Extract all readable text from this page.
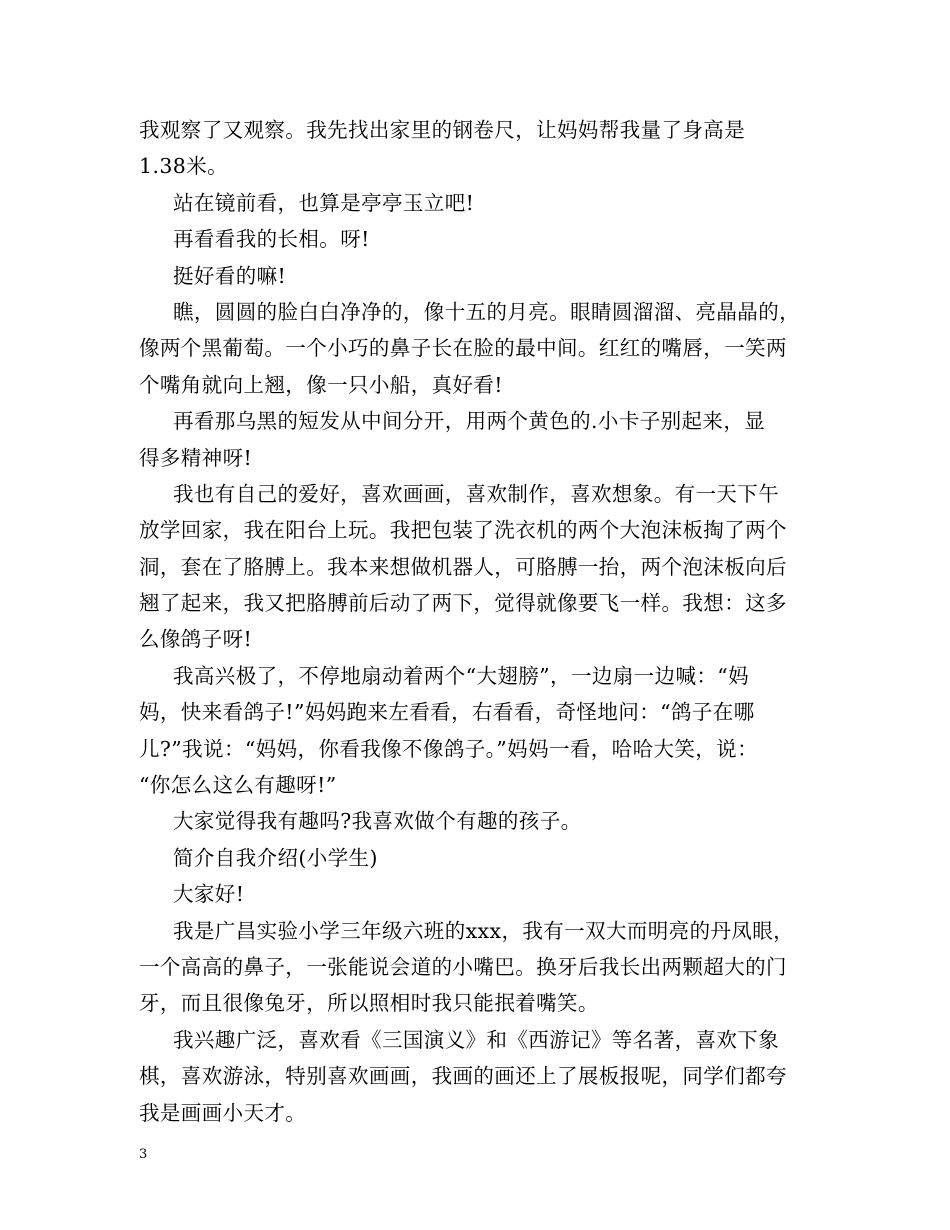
我观察了又观察。我先找出家里的钢卷尺，让妈妈帮我量了身高是
1.38米。
站在镜前看，也算是亭亭玉立吧!
再看看我的长相。呀!
挺好看的嘛!
瞧，圆圆的脸白白净净的，像十五的月亮。眼睛圆溜溜、亮晶晶的，
像两个黑葡萄。一个小巧的鼻子长在脸的最中间。红红的嘴唇，一笑两
个嘴角就向上翘，像一只小船，真好看!
再看那乌黑的短发从中间分开，用两个黄色的.小卡子别起来，显
得多精神呀!
我也有自己的爱好，喜欢画画，喜欢制作，喜欢想象。有一天下午
放学回家，我在阳台上玩。我把包装了洗衣机的两个大泡沫板掏了两个
洞，套在了胳膊上。我本来想做机器人，可胳膊一抬，两个泡沫板向后
翘了起来，我又把胳膊前后动了两下，觉得就像要飞一样。我想：这多
么像鸽子呀!
我高兴极了，不停地扇动着两个“大翅膀”，一边扇一边喊：“妈
妈，快来看鸽子!”妈妈跑来左看看，右看看，奇怪地问：“鸽子在哪
儿?”我说：“妈妈，你看我像不像鸽子。”妈妈一看，哈哈大笑，说：
“你怎么这么有趣呀!”
大家觉得我有趣吗?我喜欢做个有趣的孩子。
简介自我介绍(小学生)
大家好!
我是广昌实验小学三年级六班的xxx，我有一双大而明亮的丹凤眼，
一个高高的鼻子，一张能说会道的小嘴巴。换牙后我长出两颗超大的门
牙，而且很像兔牙，所以照相时我只能抿着嘴笑。
我兴趣广泛，喜欢看《三国演义》和《西游记》等名著，喜欢下象
棋，喜欢游泳，特别喜欢画画，我画的画还上了展板报呢，同学们都夸
我是画画小天才。
3
